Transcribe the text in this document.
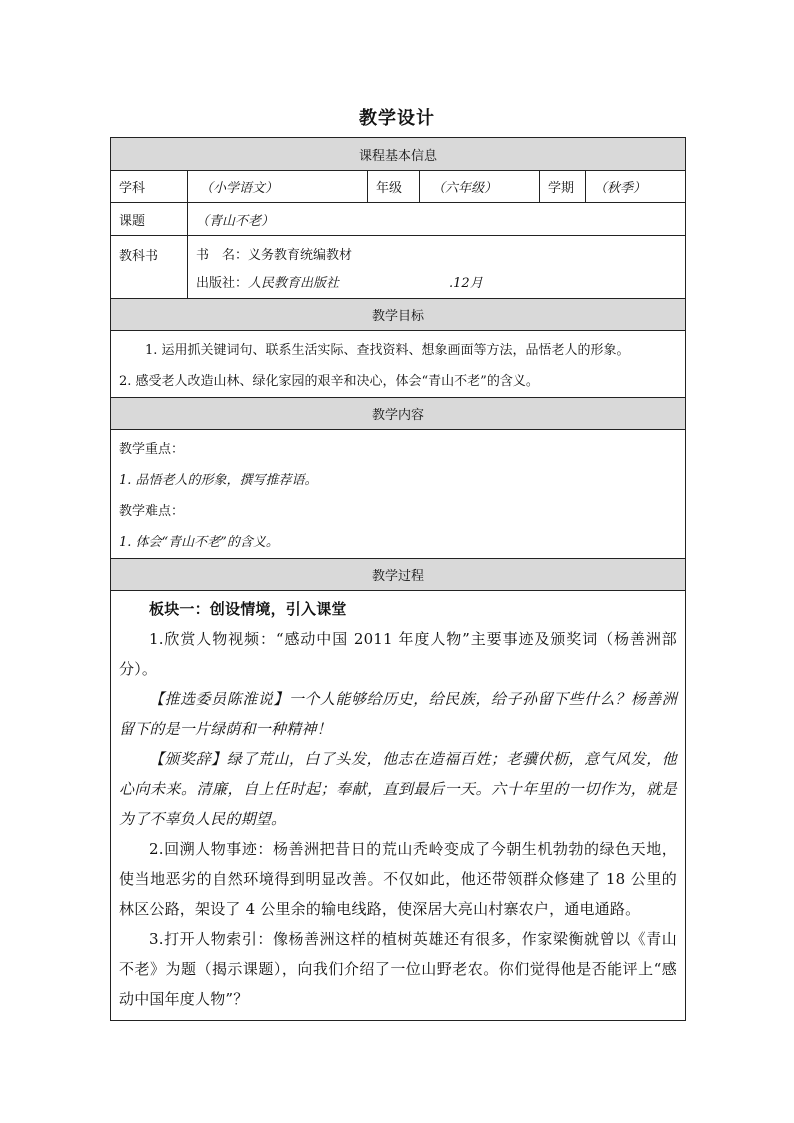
教学设计
课程基本信息
学科	（小学语文）	年级	（六年级）	学期	（秋季）
课题	（青山不老）
教科书	书　名：义务教育统编教材
出版社： 人民教育出版社	.12月
教学目标
1. 运用抓关键词句、联系生活实际、查找资料、想象画面等方法，品悟老人的形象。
2. 感受老人改造山林、绿化家园的艰辛和决心，体会“青山不老”的含义。
教学内容
教学重点：
1. 品悟老人的形象，撰写推荐语。
教学难点：
1. 体会“青山不老”的含义。
教学过程

板块一：创设情境，引入课堂

1.欣赏人物视频：“感动中国 2011 年度人物”主要事迹及颁奖词（杨善洲部分）。

【推选委员陈淮说】一个人能够给历史，给民族，给子孙留下些什么？杨善洲留下的是一片绿荫和一种精神！

【颁奖辞】绿了荒山，白了头发，他志在造福百姓；老骥伏枥，意气风发，他心向未来。清廉，自上任时起；奉献，直到最后一天。六十年里的一切作为，就是为了不辜负人民的期望。

2.回溯人物事迹：杨善洲把昔日的荒山秃岭变成了今朝生机勃勃的绿色天地，使当地恶劣的自然环境得到明显改善。不仅如此，他还带领群众修建了 18 公里的林区公路，架设了 4 公里余的输电线路，使深居大亮山村寨农户，通电通路。

3.打开人物索引：像杨善洲这样的植树英雄还有很多，作家梁衡就曾以《青山不老》为题（揭示课题），向我们介绍了一位山野老农。你们觉得他是否能评上“感动中国年度人物”？
